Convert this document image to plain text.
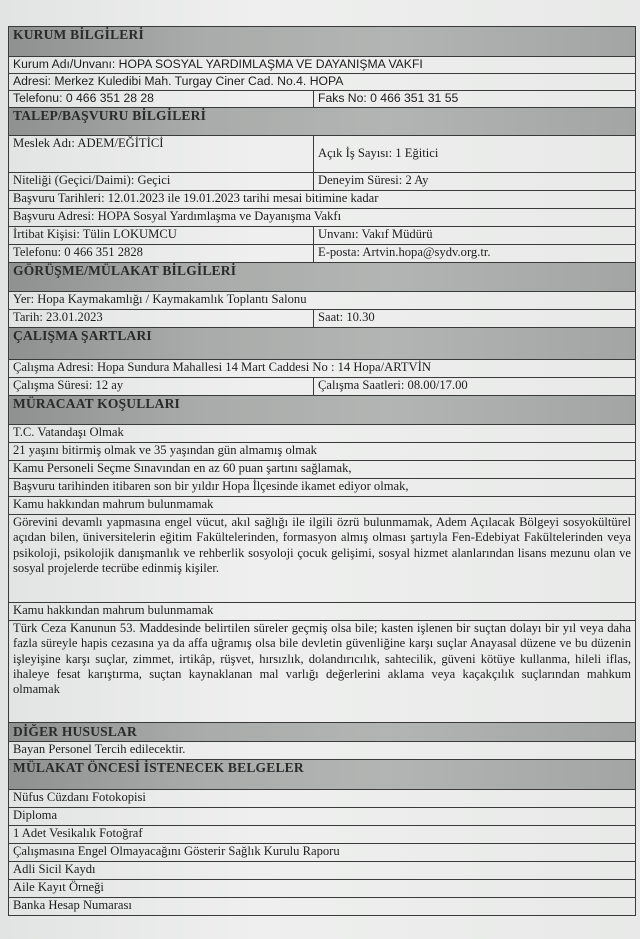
KURUM BİLGİLERİ	
Kurum Adı/Unvanı: HOPA SOSYAL YARDIMLAŞMA VE DAYANIŞMA VAKFI	
Adresi: Merkez Kuledibi Mah. Turgay Ciner Cad. No.4. HOPA	
Telefonu: 0 466 351 28 28	Faks No: 0 466 351 31 55
TALEP/BAŞVURU BİLGİLERİ	
Meslek Adı: ADEM/EĞİTİCİ	Açık İş Sayısı: 1 Eğitici
Niteliği (Geçici/Daimi): Geçici	Deneyim Süresi: 2 Ay
Başvuru Tarihleri: 12.01.2023 ile 19.01.2023 tarihi mesai bitimine kadar	
Başvuru Adresi: HOPA Sosyal Yardımlaşma ve Dayanışma Vakfı	
İrtibat Kişisi: Tülin LOKUMCU	Unvanı: Vakıf Müdürü
Telefonu: 0 466 351 2828	E-posta: Artvin.hopa@sydv.org.tr.
GÖRÜŞME/MÜLAKAT BİLGİLERİ	
Yer: Hopa Kaymakamlığı / Kaymakamlık Toplantı Salonu	
Tarih: 23.01.2023	Saat: 10.30
ÇALIŞMA ŞARTLARI	
Çalışma Adresi: Hopa Sundura Mahallesi 14 Mart Caddesi No : 14 Hopa/ARTVİN	
Çalışma Süresi: 12 ay	Çalışma Saatleri: 08.00/17.00
MÜRACAAT KOŞULLARI	
T.C. Vatandaşı Olmak	
21 yaşını bitirmiş olmak ve 35 yaşından gün almamış olmak	
Kamu Personeli Seçme Sınavından en az 60 puan şartını sağlamak,	
Başvuru tarihinden itibaren son bir yıldır Hopa İlçesinde ikamet ediyor olmak,	
Kamu hakkından mahrum bulunmamak	
Görevini devamlı yapmasına engel vücut, akıl sağlığı ile ilgili özrü bulunmamak, Adem Açılacak Bölgeyi sosyokültürel açıdan bilen, üniversitelerin eğitim Fakültelerinden, formasyon almış olması şartıyla Fen-Edebiyat Fakültelerinden veya psikoloji, psikolojik danışmanlık ve rehberlik sosyoloji çocuk gelişimi, sosyal hizmet alanlarından lisans mezunu olan ve sosyal projelerde tecrübe edinmiş kişiler.	
Kamu hakkından mahrum bulunmamak	
Türk Ceza Kanunun 53. Maddesinde belirtilen süreler geçmiş olsa bile; kasten işlenen bir suçtan dolayı bir yıl veya daha fazla süreyle hapis cezasına ya da affa uğramış olsa bile devletin güvenliğine karşı suçlar Anayasal düzene ve bu düzenin işleyişine karşı suçlar, zimmet, irtikâp, rüşvet, hırsızlık, dolandırıcılık, sahtecilik, güveni kötüye kullanma, hileli iflas, ihaleye fesat karıştırma, suçtan kaynaklanan mal varlığı değerlerini aklama veya kaçakçılık suçlarından mahkum olmamak	
DİĞER HUSUSLAR	
Bayan Personel Tercih edilecektir.	
MÜLAKAT ÖNCESİ İSTENECEK BELGELER	
Nüfus Cüzdanı Fotokopisi	
Diploma	
1 Adet Vesikalık Fotoğraf	
Çalışmasına Engel Olmayacağını Gösterir Sağlık Kurulu Raporu	
Adli Sicil Kaydı	
Aile Kayıt Örneği	
Banka Hesap Numarası	
